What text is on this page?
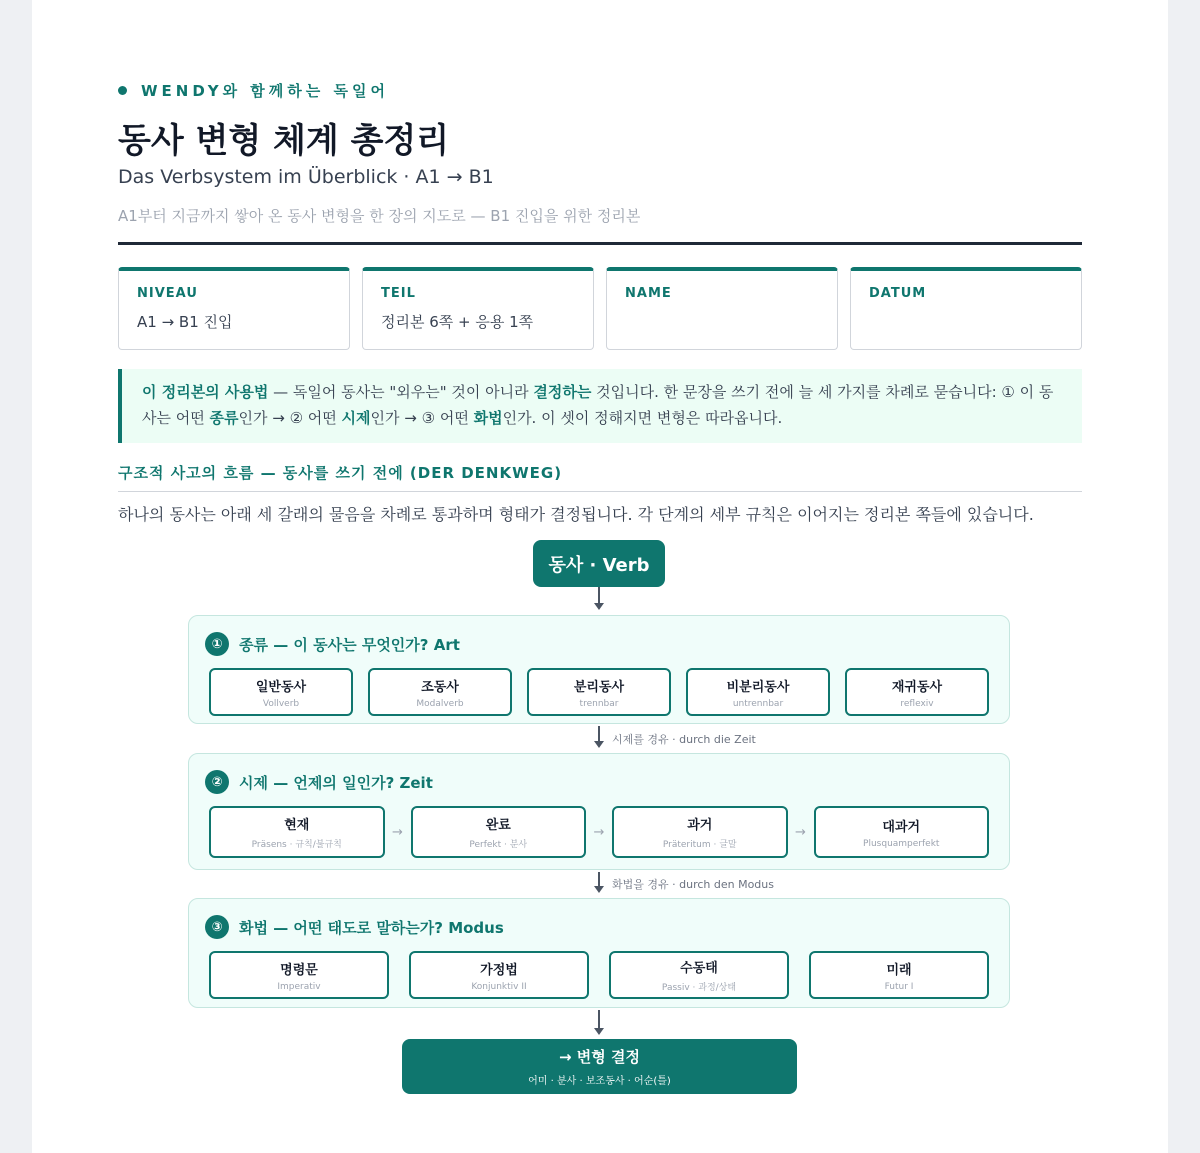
WENDY와 함께하는 독일어
동사 변형 체계 총정리
Das Verbsystem im Überblick · A1 → B1
A1부터 지금까지 쌓아 온 동사 변형을 한 장의 지도로 — B1 진입을 위한 정리본
NIVEAU
A1 → B1 진입
TEIL
정리본 6쪽 + 응용 1쪽
NAME	DATUM
이 정리본의 사용법 — 독일어 동사는 "외우는" 것이 아니라 결정하는 것입니다. 한 문장을 쓰기 전에 늘 세 가지를 차례로 묻습니다: ① 이 동사는 어떤 종류인가 → ② 어떤 시제인가 → ③ 어떤 화법인가. 이 셋이 정해지면 변형은 따라옵니다.
구조적 사고의 흐름 — 동사를 쓰기 전에 (DER DENKWEG)
하나의 동사는 아래 세 갈래의 물음을 차례로 통과하며 형태가 결정됩니다. 각 단계의 세부 규칙은 이어지는 정리본 쪽들에 있습니다.
동사 · Verb
①	종류 — 이 동사는 무엇인가? Art
일반동사
Vollverb
조동사
Modalverb
분리동사
trennbar
비분리동사
untrennbar
재귀동사
reflexiv
시제를 경유 · durch die Zeit
②	시제 — 언제의 일인가? Zeit
현재
Präsens · 규칙/불규칙
→	완료
Perfekt · 분사
→	과거
Präteritum · 글말
→	대과거
Plusquamperfekt
화법을 경유 · durch den Modus
③	화법 — 어떤 태도로 말하는가? Modus
명령문
Imperativ
가정법
Konjunktiv II
수동태
Passiv · 과정/상태
미래
Futur I
→ 변형 결정
어미 · 분사 · 보조동사 · 어순(틀)
